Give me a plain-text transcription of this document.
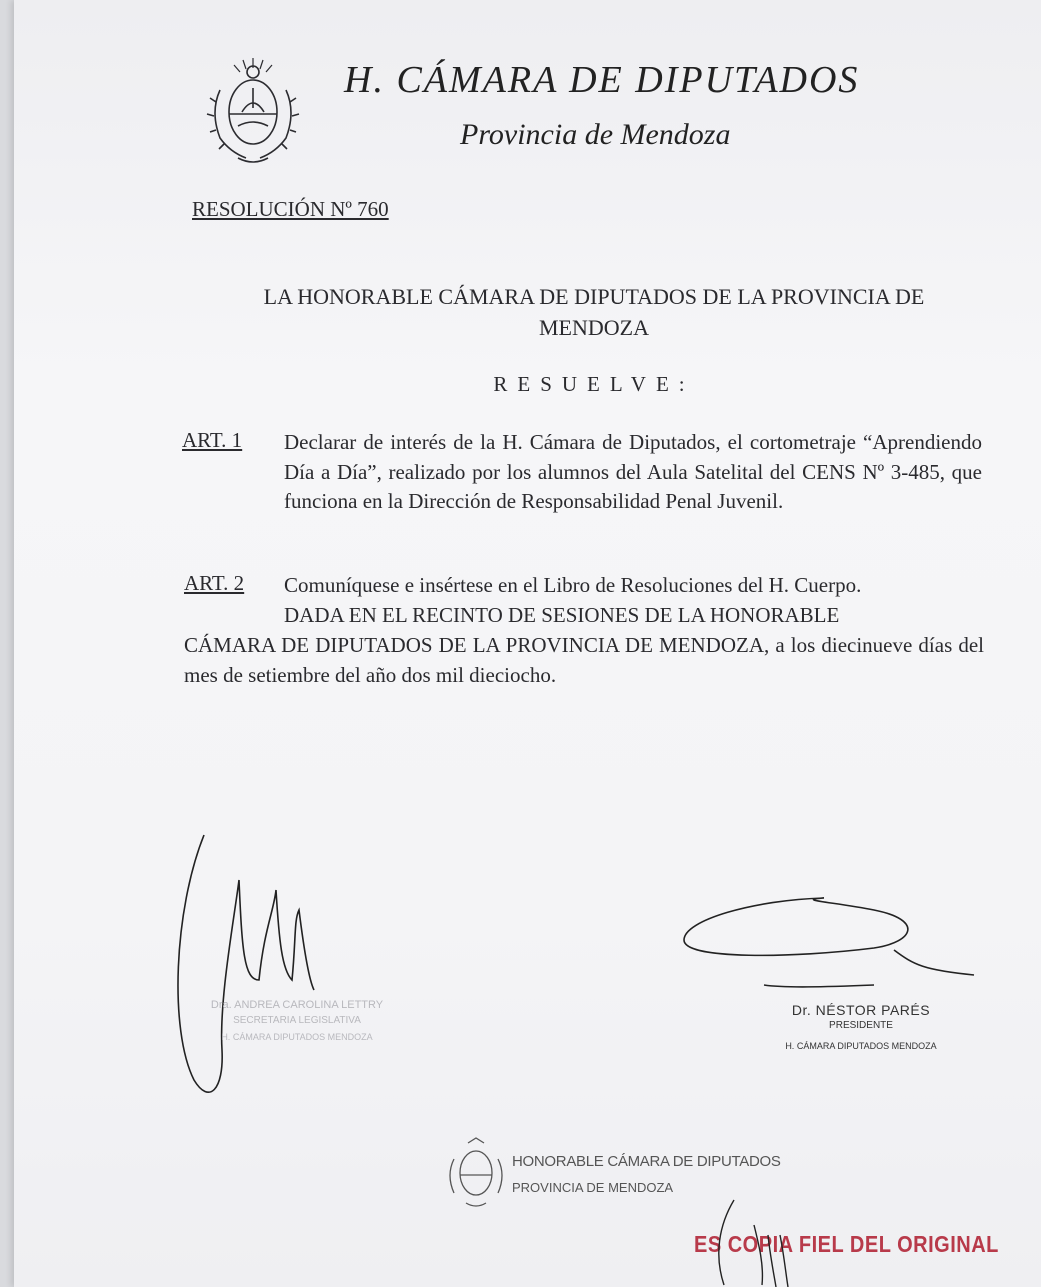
H. CÁMARA DE DIPUTADOS
Provincia de Mendoza
RESOLUCIÓN Nº 760
LA HONORABLE CÁMARA DE DIPUTADOS DE LA PROVINCIA DE
MENDOZA
RESUELVE:
ART. 1 Declarar de interés de la H. Cámara de Diputados, el cortometraje “Aprendiendo Día a Día”, realizado por los alumnos del Aula Satelital del CENS Nº 3-485, que funciona en la Dirección de Responsabilidad Penal Juvenil.
ART. 2 Comuníquese e insértese en el Libro de Resoluciones del H. Cuerpo.
DADA EN EL RECINTO DE SESIONES DE LA HONORABLE
CÁMARA DE DIPUTADOS DE LA PROVINCIA DE MENDOZA, a los diecinueve días del mes de setiembre del año dos mil dieciocho.
Dra. ANDREA CAROLINA LETTRY
SECRETARIA LEGISLATIVA
H. CÁMARA DIPUTADOS MENDOZA
Dr. NÉSTOR PARÉS
PRESIDENTE
H. CÁMARA DIPUTADOS MENDOZA
HONORABLE CÁMARA DE DIPUTADOS
PROVINCIA DE MENDOZA
ES COPIA FIEL DEL ORIGINAL
